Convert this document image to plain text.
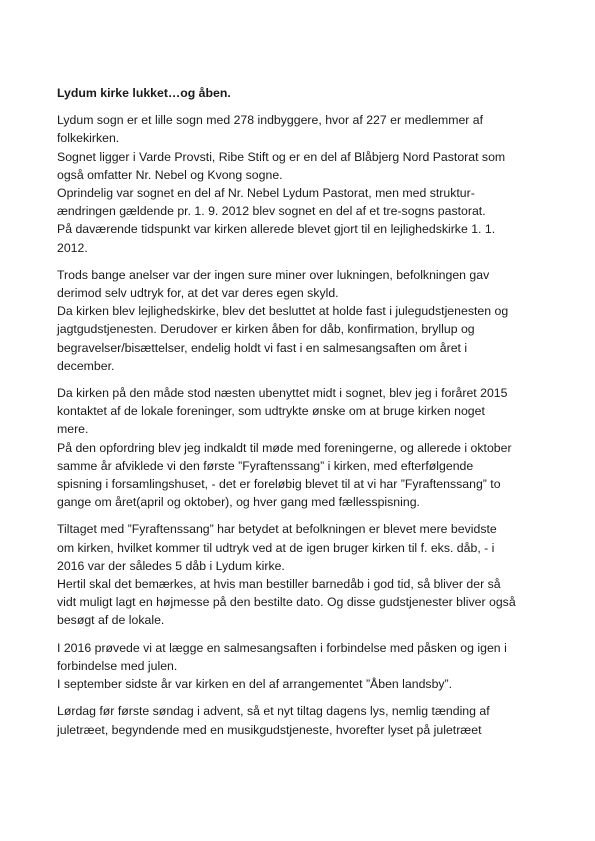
Lydum kirke lukket…og åben.
Lydum sogn er et lille sogn med 278 indbyggere, hvor af 227 er medlemmer af
folkekirken.
Sognet ligger i Varde Provsti, Ribe Stift og er en del af Blåbjerg Nord Pastorat som
også omfatter Nr. Nebel og Kvong sogne.
Oprindelig var sognet en del af Nr. Nebel Lydum Pastorat, men med struktur-
ændringen gældende pr. 1. 9. 2012 blev sognet en del af et tre-sogns pastorat.
På daværende tidspunkt var kirken allerede blevet gjort til en lejlighedskirke 1. 1.
2012.
Trods bange anelser var der ingen sure miner over lukningen, befolkningen gav
derimod selv udtryk for, at det var deres egen skyld.
Da kirken blev lejlighedskirke, blev det besluttet at holde fast i julegudstjenesten og
jagtgudstjenesten. Derudover er kirken åben for dåb, konfirmation, bryllup og
begravelser/bisættelser, endelig holdt vi fast i en salmesangsaften om året i
december.
Da kirken på den måde stod næsten ubenyttet midt i sognet, blev jeg i foråret 2015
kontaktet af de lokale foreninger, som udtrykte ønske om at bruge kirken noget
mere.
På den opfordring blev jeg indkaldt til møde med foreningerne, og allerede i oktober
samme år afviklede vi den første ”Fyraftenssang” i kirken, med efterfølgende
spisning i forsamlingshuset, - det er foreløbig blevet til at vi har ”Fyraftenssang” to
gange om året(april og oktober), og hver gang med fællesspisning.
Tiltaget med ”Fyraftenssang” har betydet at befolkningen er blevet mere bevidste
om kirken, hvilket kommer til udtryk ved at de igen bruger kirken til f. eks. dåb, - i
2016 var der således 5 dåb i Lydum kirke.
Hertil skal det bemærkes, at hvis man bestiller barnedåb i god tid, så bliver der så
vidt muligt lagt en højmesse på den bestilte dato. Og disse gudstjenester bliver også
besøgt af de lokale.
I 2016 prøvede vi at lægge en salmesangsaften i forbindelse med påsken og igen i
forbindelse med julen.
I september sidste år var kirken en del af arrangementet ”Åben landsby”.
Lørdag før første søndag i advent, så et nyt tiltag dagens lys, nemlig tænding af
juletræet, begyndende med en musikgudstjeneste, hvorefter lyset på juletræet
